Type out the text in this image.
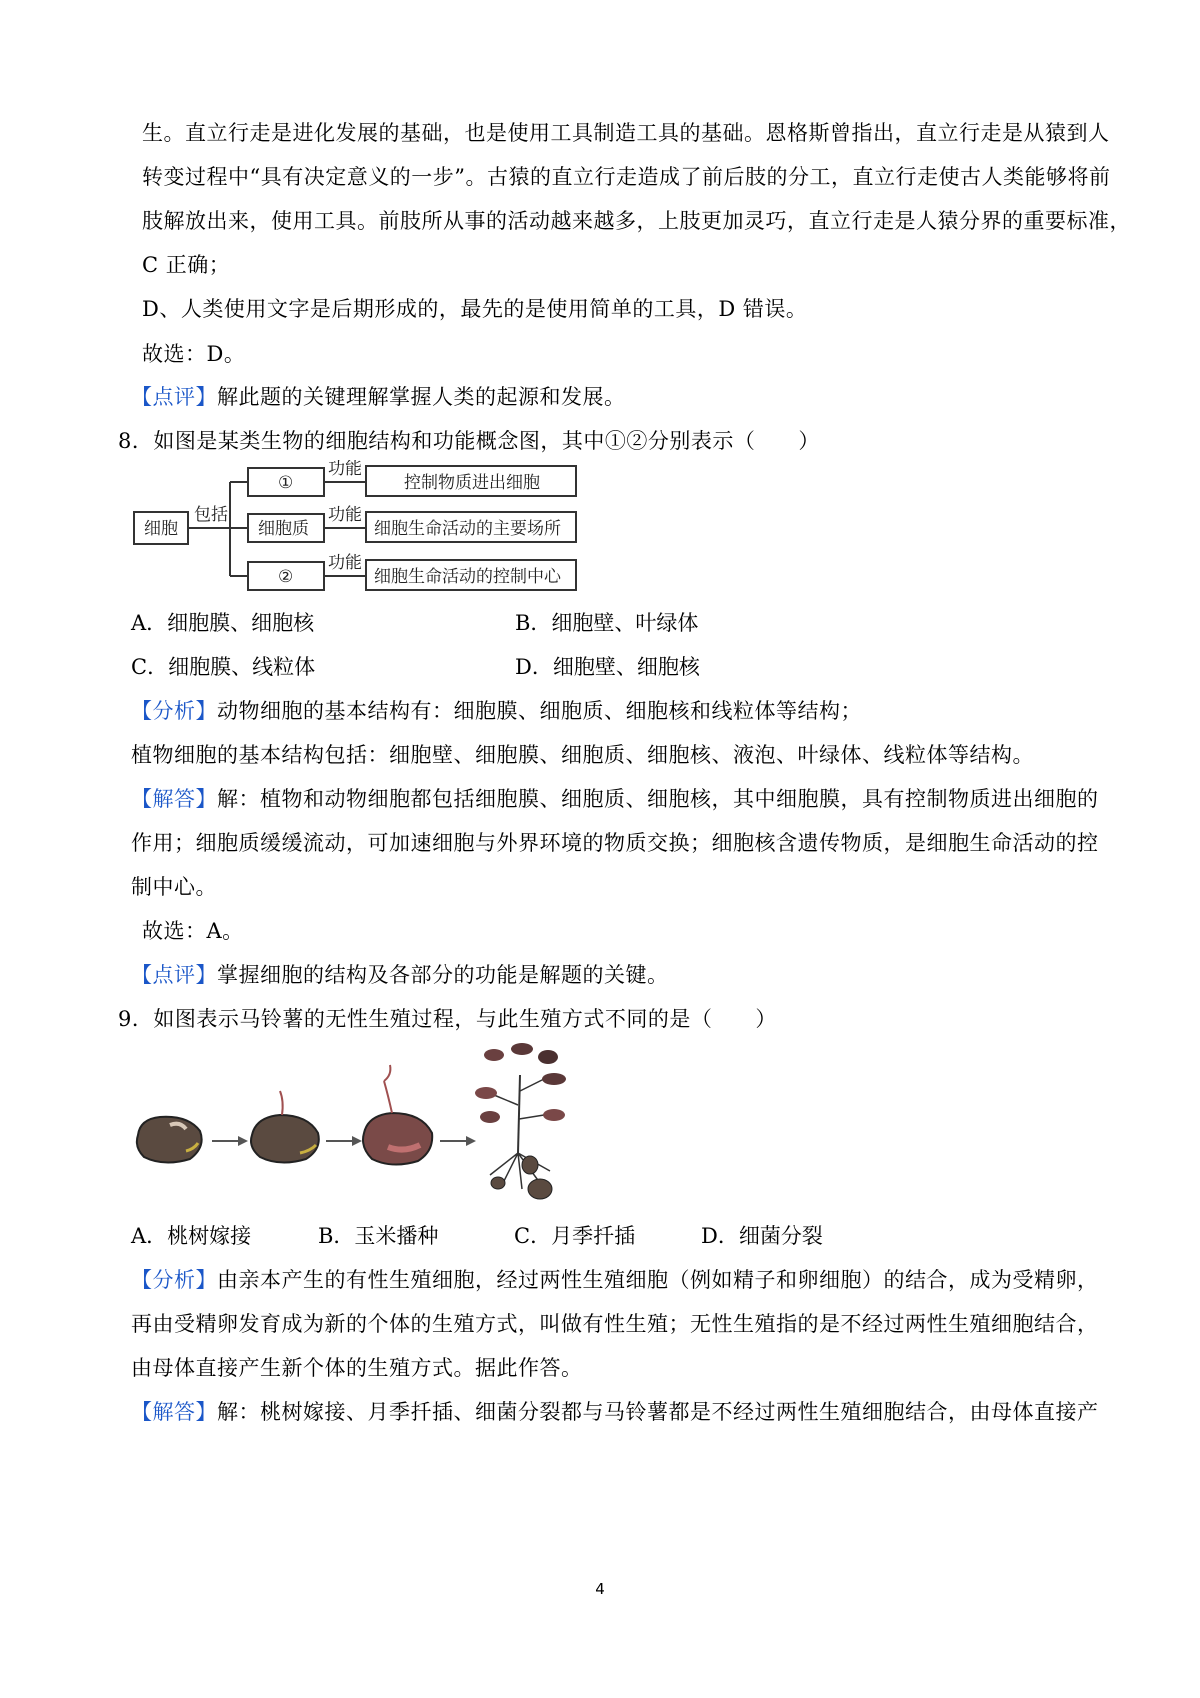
生。直立行走是进化发展的基础，也是使用工具制造工具的基础。恩格斯曾指出，直立行走是从猿到人
转变过程中“具有决定意义的一步”。古猿的直立行走造成了前后肢的分工，直立行走使古人类能够将前
肢解放出来，使用工具。前肢所从事的活动越来越多，上肢更加灵巧，直立行走是人猿分界的重要标准，
C 正确；
D、人类使用文字是后期形成的，最先的是使用简单的工具，D 错误。
故选：D。
【点评】解此题的关键理解掌握人类的起源和发展。
8．如图是某类生物的细胞结构和功能概念图，其中①②分别表示（　　）
细胞
包括
①
细胞质
②
功能
功能
功能
控制物质进出细胞
细胞生命活动的主要场所
细胞生命活动的控制中心
A．细胞膜、细胞核	B．细胞壁、叶绿体
C．细胞膜、线粒体	D．细胞壁、细胞核
【分析】动物细胞的基本结构有：细胞膜、细胞质、细胞核和线粒体等结构；
植物细胞的基本结构包括：细胞壁、细胞膜、细胞质、细胞核、液泡、叶绿体、线粒体等结构。
【解答】解：植物和动物细胞都包括细胞膜、细胞质、细胞核，其中细胞膜，具有控制物质进出细胞的
作用；细胞质缓缓流动，可加速细胞与外界环境的物质交换；细胞核含遗传物质，是细胞生命活动的控
制中心。
故选：A。
【点评】掌握细胞的结构及各部分的功能是解题的关键。
9．如图表示马铃薯的无性生殖过程，与此生殖方式不同的是（　　）
A．桃树嫁接	B．玉米播种	C．月季扦插	D．细菌分裂
【分析】由亲本产生的有性生殖细胞，经过两性生殖细胞（例如精子和卵细胞）的结合，成为受精卵，
再由受精卵发育成为新的个体的生殖方式，叫做有性生殖；无性生殖指的是不经过两性生殖细胞结合，
由母体直接产生新个体的生殖方式。据此作答。
【解答】解：桃树嫁接、月季扦插、细菌分裂都与马铃薯都是不经过两性生殖细胞结合，由母体直接产
4
